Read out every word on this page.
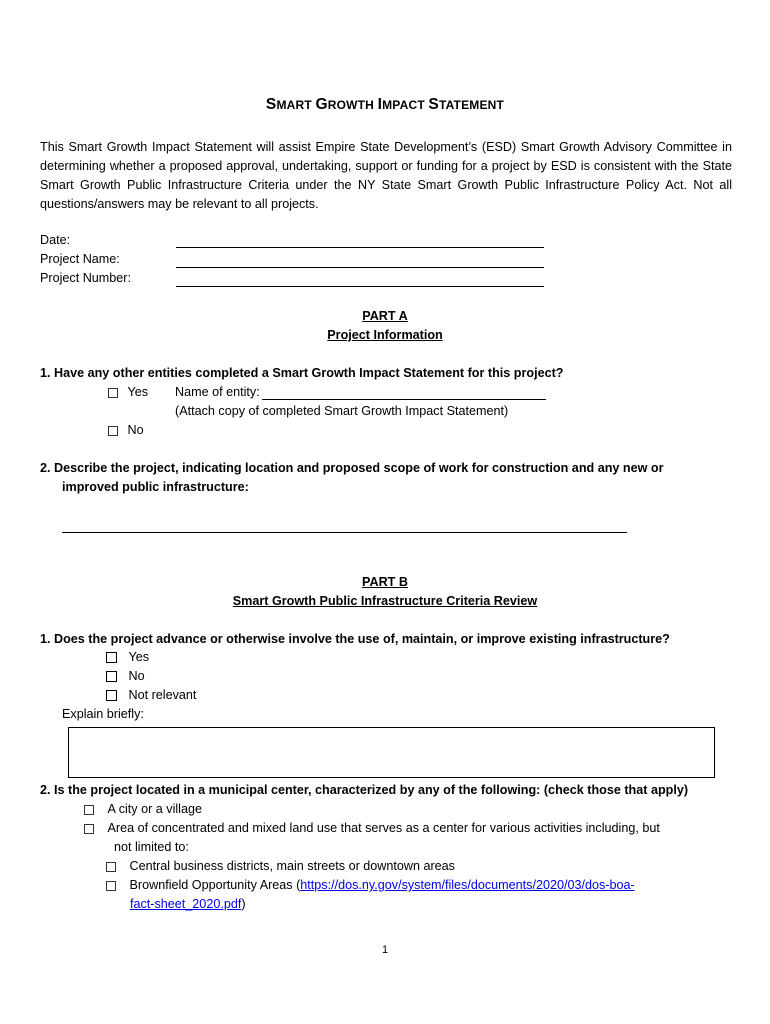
SMART GROWTH IMPACT STATEMENT
This Smart Growth Impact Statement will assist Empire State Development’s (ESD) Smart Growth Advisory Committee in determining whether a proposed approval, undertaking, support or funding for a project by ESD is consistent with the State Smart Growth Public Infrastructure Criteria under the NY State Smart Growth Public Infrastructure Policy Act. Not all questions/answers may be relevant to all projects.
Date:
Project Name:
Project Number:
PART A
Project Information
1. Have any other entities completed a Smart Growth Impact Statement for this project?
Yes Name of entity:
(Attach copy of completed Smart Growth Impact Statement)
No
2. Describe the project, indicating location and proposed scope of work for construction and any new or
improved public infrastructure:
PART B
Smart Growth Public Infrastructure Criteria Review
1. Does the project advance or otherwise involve the use of, maintain, or improve existing infrastructure?
Yes
No
Not relevant
Explain briefly:
2. Is the project located in a municipal center, characterized by any of the following: (check those that apply)
A city or a village
Area of concentrated and mixed land use that serves as a center for various activities including, but
not limited to:
Central business districts, main streets or downtown areas
Brownfield Opportunity Areas (https://dos.ny.gov/system/files/documents/2020/03/dos-boa-
fact-sheet_2020.pdf)
1
